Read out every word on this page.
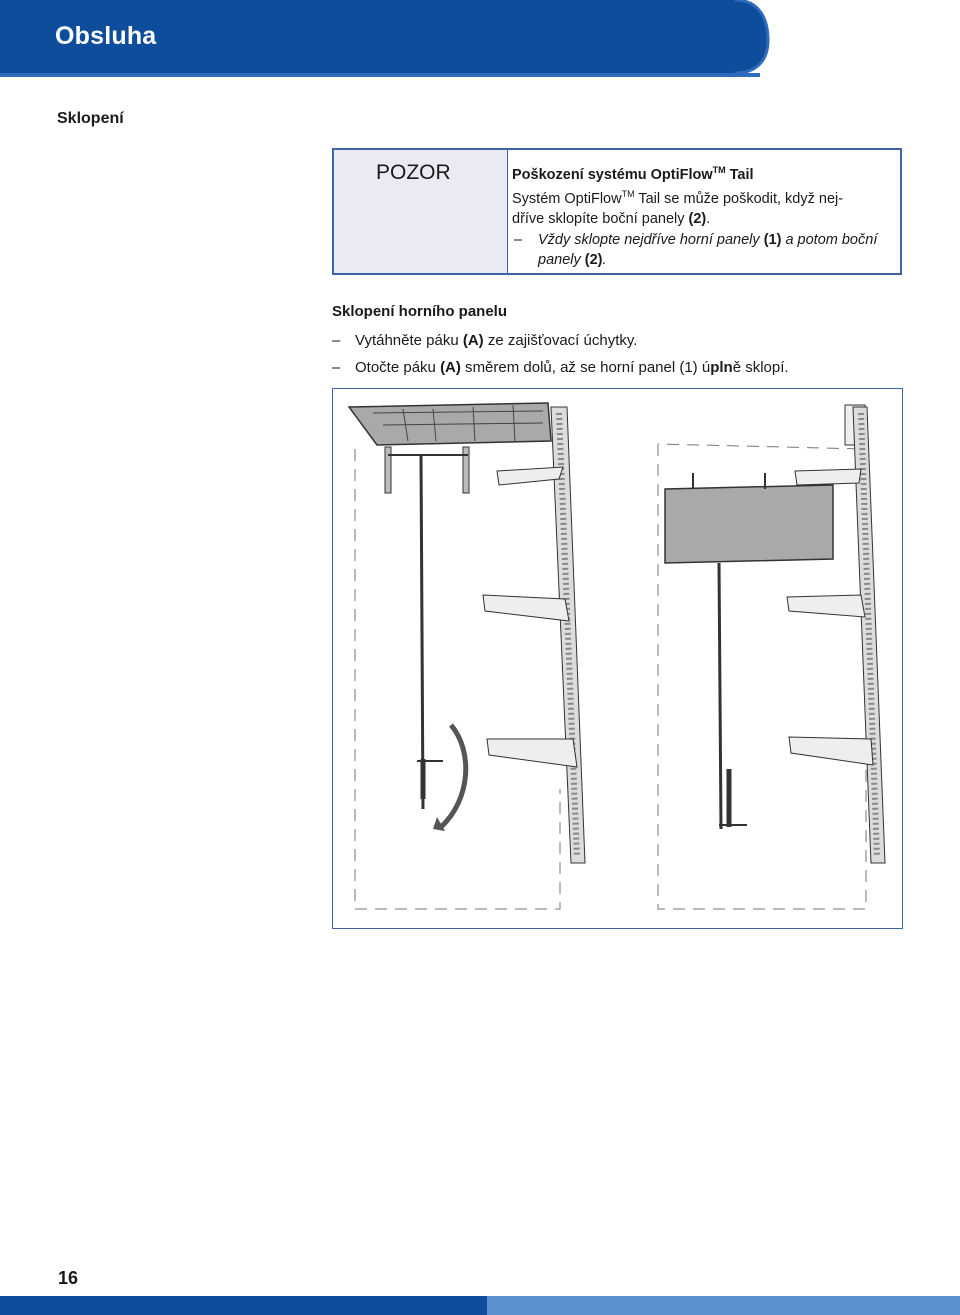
Obsluha
Sklopení
POZOR	Poškození systému OptiFlow™ Tail
Systém OptiFlow™ Tail se může poškodit, když nej-
dříve sklopíte boční panely (2).
– Vždy sklopte nejdříve horní panely (1) a potom boční panely (2).
Sklopení horního panelu
– Vytáhněte páku (A) ze zajišťovací úchytky.
– Otočte páku (A) směrem dolů, až se horní panel (1) úplně sklopí.
16
